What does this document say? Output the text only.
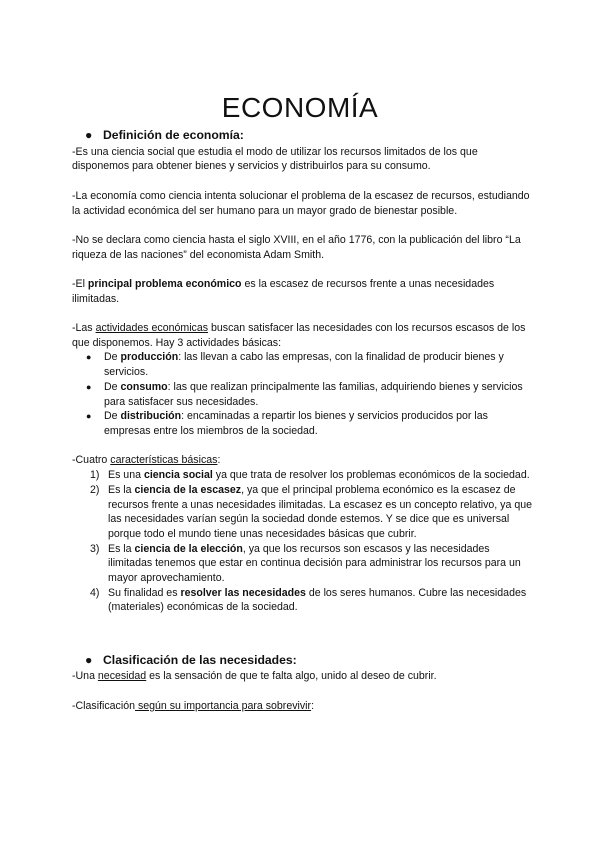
ECONOMÍA
● Definición de economía:

-Es una ciencia social que estudia el modo de utilizar los recursos limitados de los que disponemos para obtener bienes y servicios y distribuirlos para su consumo.

-La economía como ciencia intenta solucionar el problema de la escasez de recursos, estudiando la actividad económica del ser humano para un mayor grado de bienestar posible.

-No se declara como ciencia hasta el siglo XVIII, en el año 1776, con la publicación del libro “La riqueza de las naciones” del economista Adam Smith.

-El principal problema económico es la escasez de recursos frente a unas necesidades ilimitadas.

-Las actividades económicas buscan satisfacer las necesidades con los recursos escasos de los que disponemos. Hay 3 actividades básicas:

● De producción: las llevan a cabo las empresas, con la finalidad de producir bienes y servicios.
● De consumo: las que realizan principalmente las familias, adquiriendo bienes y servicios para satisfacer sus necesidades.
● De distribución: encaminadas a repartir los bienes y servicios producidos por las empresas entre los miembros de la sociedad.

-Cuatro características básicas:

1) Es una ciencia social ya que trata de resolver los problemas económicos de la sociedad.
2) Es la ciencia de la escasez, ya que el principal problema económico es la escasez de recursos frente a unas necesidades ilimitadas. La escasez es un concepto relativo, ya que las necesidades varían según la sociedad donde estemos. Y se dice que es universal porque todo el mundo tiene unas necesidades básicas que cubrir.
3) Es la ciencia de la elección, ya que los recursos son escasos y las necesidades ilimitadas tenemos que estar en continua decisión para administrar los recursos para un mayor aprovechamiento.
4) Su finalidad es resolver las necesidades de los seres humanos. Cubre las necesidades (materiales) económicas de la sociedad.
● Clasificación de las necesidades:

-Una necesidad es la sensación de que te falta algo, unido al deseo de cubrir.

-Clasificación según su importancia para sobrevivir:
